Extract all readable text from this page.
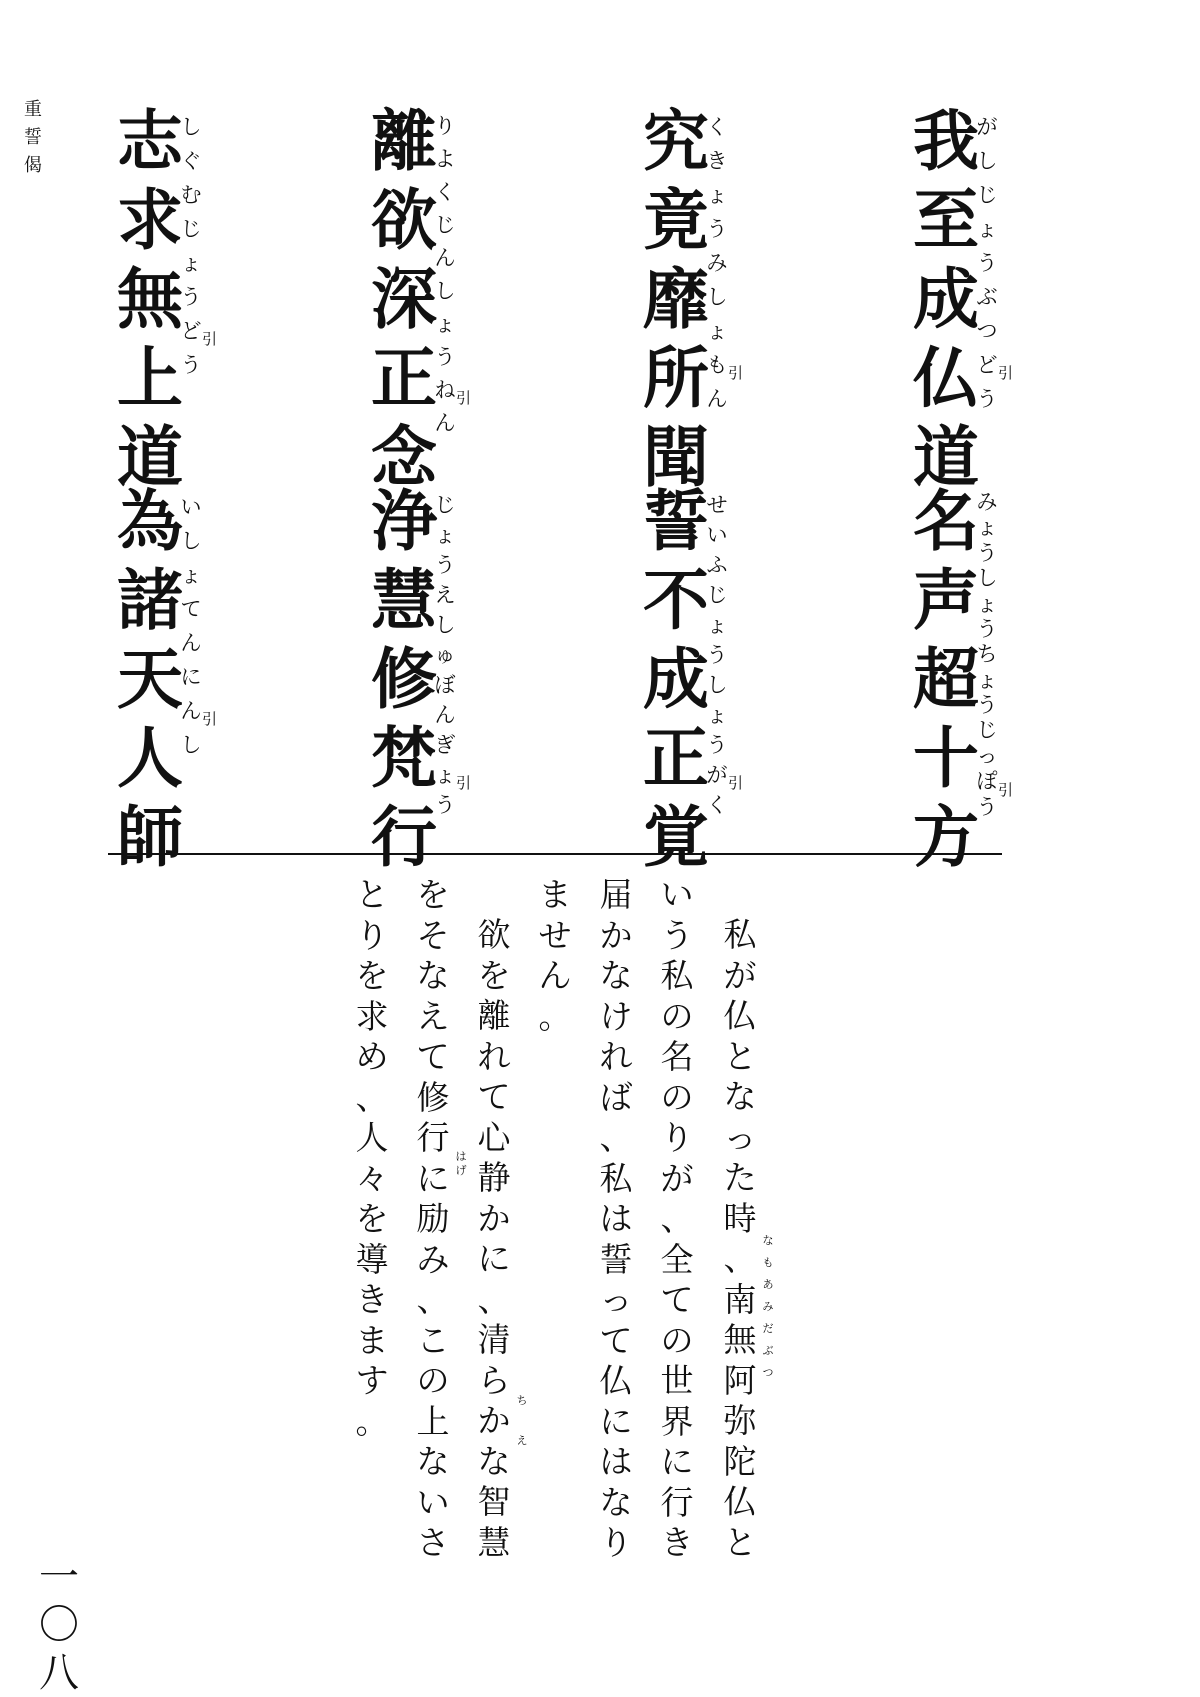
重
誓
偈	我
至
成
仏
道
が
し
じ
ょ
う
ぶ
つ
ど
う
引
究
竟
靡
所
聞
く
き
ょ
う
み
し
ょ
も
ん
引
離
欲
深
正
念
り
よ
く
じ
ん
し
ょ
う
ね
ん
引
志
求
無
上
道
し
ぐ
む
じ
ょ
う
ど
う
引
名
声
超
十
方
み
ょ
う
し
ょ
う
ち
ょ
う
じ
っ
ぽ
う
引
誓
不
成
正
覚
せ
い
ふ
じ
ょ
う
し
ょ
う
が
く
引
浄
慧
修
梵
行
じ
ょ
う
え
し
ゅ
ぼ
ん
ぎ
ょ
う
引
為
諸
天
人
師
い
し
ょ
て
ん
に
ん
し
引
私
が
仏
と
な
っ
た
時
、
南
無
阿
弥
陀
仏
と
い
う
私
の
名
の
り
が
、
全
て
の
世
界
に
行
き
届
か
な
け
れ
ば
、
私
は
誓
っ
て
仏
に
は
な
り
ま
せ
ん
。
欲
を
離
れ
て
心
静
か
に
、
清
ら
か
な
智
慧
を
そ
な
え
て
修
行
に
励
み
、
こ
の
上
な
い
さ
と
り
を
求
め
、
人
々
を
導
き
ま
す
。
な
も
あ
み
だ
ぶ
つ
は
げ
ち
え
一
〇
八
